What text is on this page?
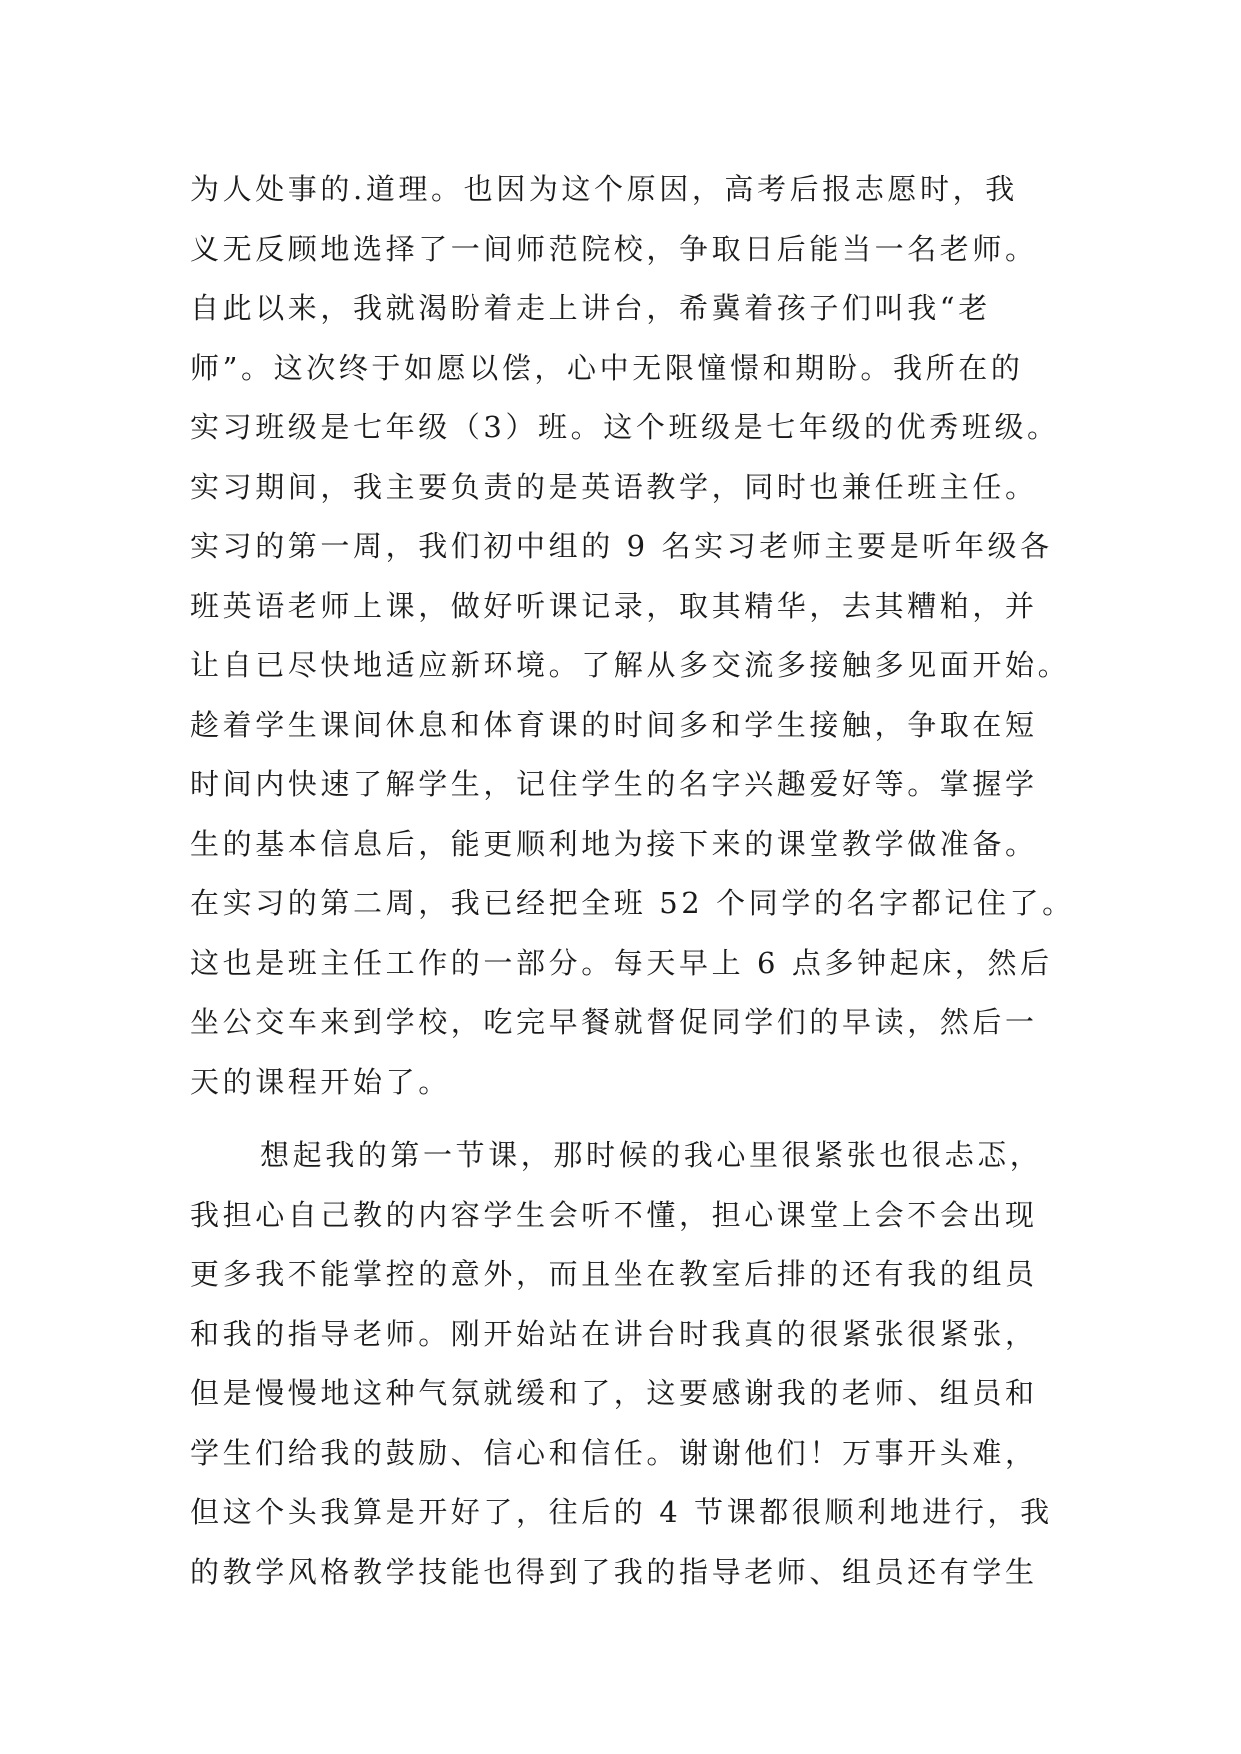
为人处事的.道理。也因为这个原因，高考后报志愿时，我
义无反顾地选择了一间师范院校，争取日后能当一名老师。
自此以来，我就渴盼着走上讲台，希冀着孩子们叫我“老
师”。这次终于如愿以偿，心中无限憧憬和期盼。我所在的
实习班级是七年级（3）班。这个班级是七年级的优秀班级。
实习期间，我主要负责的是英语教学，同时也兼任班主任。
实习的第一周，我们初中组的 9 名实习老师主要是听年级各
班英语老师上课，做好听课记录，取其精华，去其糟粕，并
让自已尽快地适应新环境。了解从多交流多接触多见面开始。
趁着学生课间休息和体育课的时间多和学生接触，争取在短
时间内快速了解学生，记住学生的名字兴趣爱好等。掌握学
生的基本信息后，能更顺利地为接下来的课堂教学做准备。
在实习的第二周，我已经把全班 52 个同学的名字都记住了。
这也是班主任工作的一部分。每天早上 6 点多钟起床，然后
坐公交车来到学校，吃完早餐就督促同学们的早读，然后一
天的课程开始了。
想起我的第一节课，那时候的我心里很紧张也很忐忑，
我担心自己教的内容学生会听不懂，担心课堂上会不会出现
更多我不能掌控的意外，而且坐在教室后排的还有我的组员
和我的指导老师。刚开始站在讲台时我真的很紧张很紧张，
但是慢慢地这种气氛就缓和了，这要感谢我的老师、组员和
学生们给我的鼓励、信心和信任。谢谢他们！万事开头难，
但这个头我算是开好了，往后的 4 节课都很顺利地进行，我
的教学风格教学技能也得到了我的指导老师、组员还有学生
